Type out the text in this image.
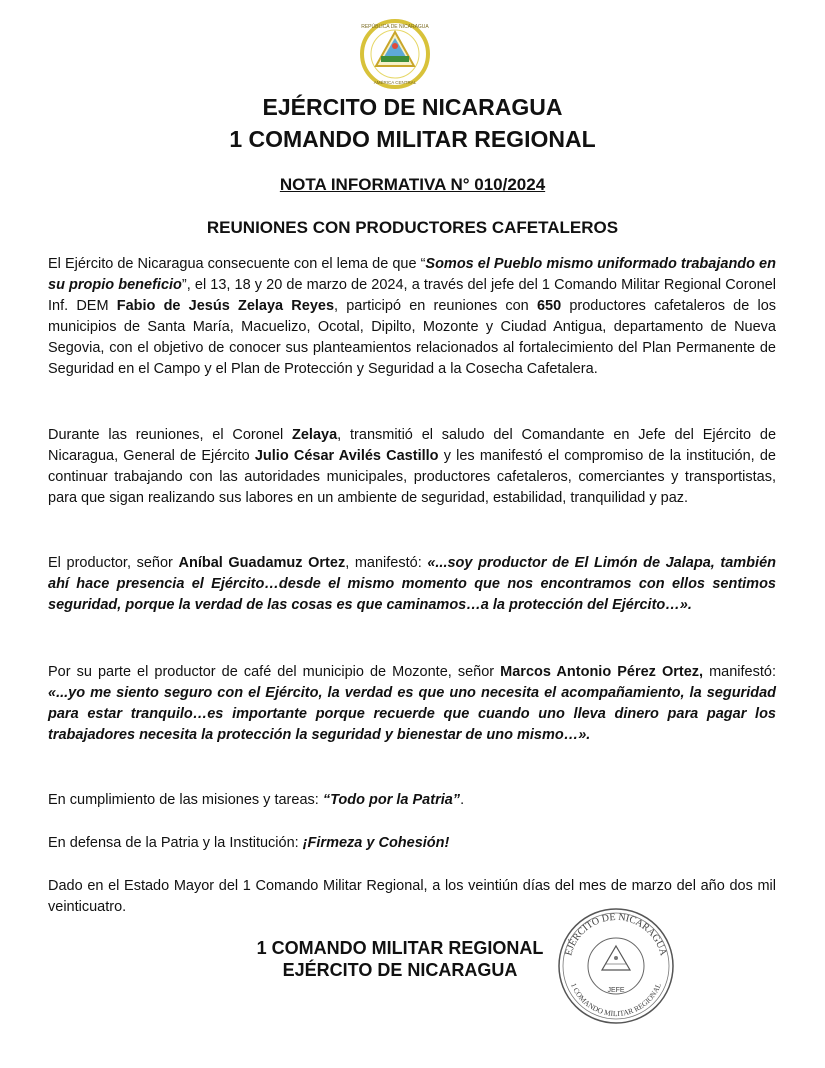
REPÚBLICA DE NICARAGUA
AMÉRICA CENTRAL
EJÉRCITO DE NICARAGUA
1 COMANDO MILITAR REGIONAL
NOTA INFORMATIVA N° 010/2024
REUNIONES CON PRODUCTORES CAFETALEROS

El Ejército de Nicaragua consecuente con el lema de que “Somos el Pueblo mismo uniformado trabajando en su propio beneficio”, el 13, 18 y 20 de marzo de 2024, a través del jefe del 1 Comando Militar Regional Coronel Inf. DEM Fabio de Jesús Zelaya Reyes, participó en reuniones con 650 productores cafetaleros de los municipios de Santa María, Macuelizo, Ocotal, Dipilto, Mozonte y Ciudad Antigua, departamento de Nueva Segovia, con el objetivo de conocer sus planteamientos relacionados al fortalecimiento del Plan Permanente de Seguridad en el Campo y el Plan de Protección y Seguridad a la Cosecha Cafetalera.

Durante las reuniones, el Coronel Zelaya, transmitió el saludo del Comandante en Jefe del Ejército de Nicaragua, General de Ejército Julio César Avilés Castillo y les manifestó el compromiso de la institución, de continuar trabajando con las autoridades municipales, productores cafetaleros, comerciantes y transportistas, para que sigan realizando sus labores en un ambiente de seguridad, estabilidad, tranquilidad y paz.

El productor, señor Aníbal Guadamuz Ortez, manifestó: «...soy productor de El Limón de Jalapa, también ahí hace presencia el Ejército…desde el mismo momento que nos encontramos con ellos sentimos seguridad, porque la verdad de las cosas es que caminamos…a la protección del Ejército…».

Por su parte el productor de café del municipio de Mozonte, señor Marcos Antonio Pérez Ortez, manifestó: «...yo me siento seguro con el Ejército, la verdad es que uno necesita el acompañamiento, la seguridad para estar tranquilo…es importante porque recuerde que cuando uno lleva dinero para pagar los trabajadores necesita la protección la seguridad y bienestar de uno mismo…».

En cumplimiento de las misiones y tareas: “Todo por la Patria”.

En defensa de la Patria y la Institución: ¡Firmeza y Cohesión!

Dado en el Estado Mayor del 1 Comando Militar Regional, a los veintiún días del mes de marzo del año dos mil veinticuatro.

1 COMANDO MILITAR REGIONAL
EJÉRCITO DE NICARAGUA
EJÉRCITO DE NICARAGUA
1 COMANDO MILITAR REGIONAL
JEFE
